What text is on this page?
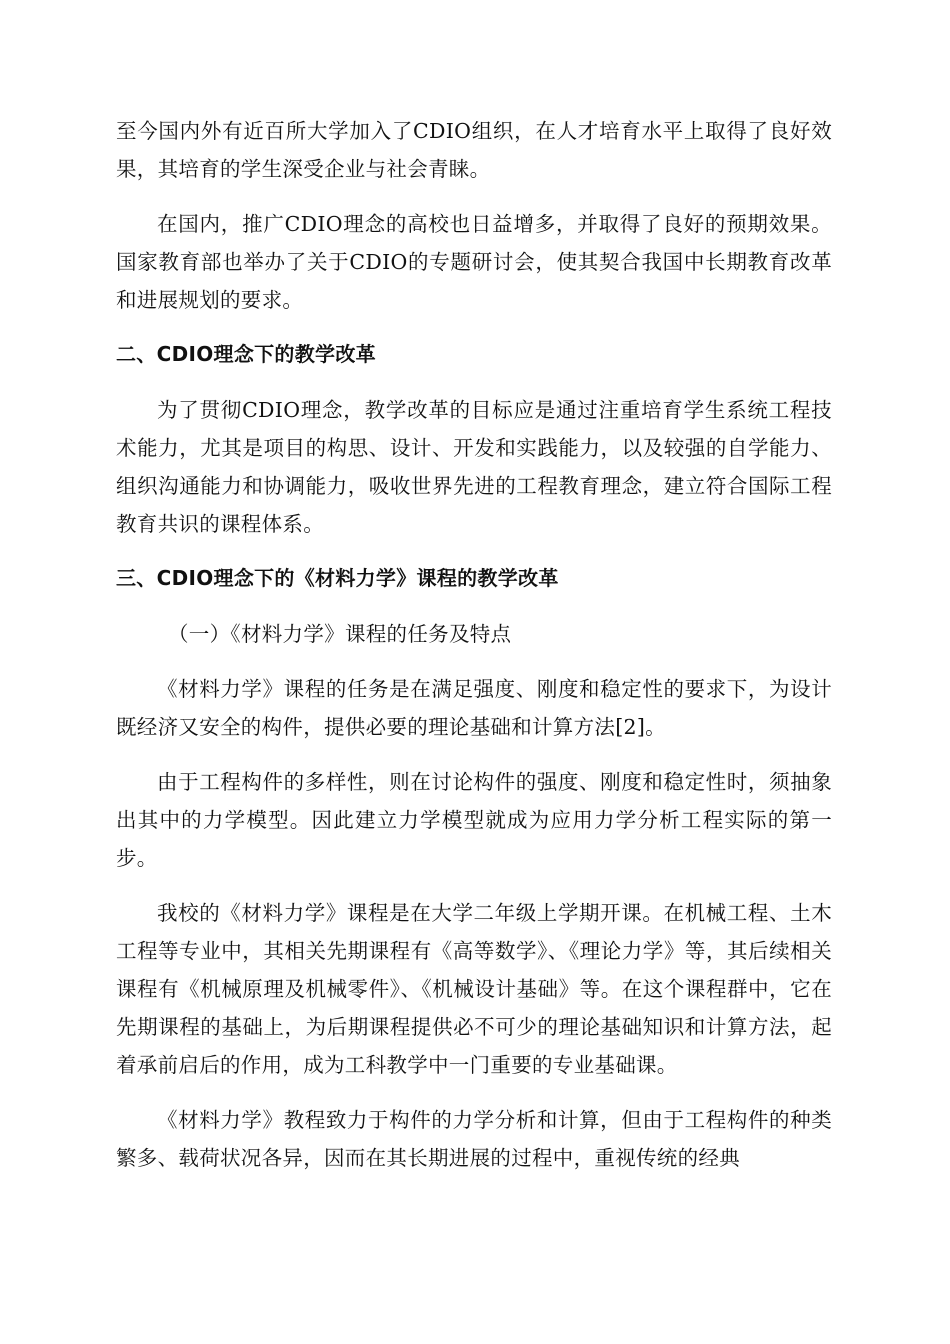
至今国内外有近百所大学加入了CDIO组织，在人才培育水平上取得了良好效果，其培育的学生深受企业与社会青睐。

在国内，推广CDIO理念的高校也日益增多，并取得了良好的预期效果。国家教育部也举办了关于CDIO的专题研讨会，使其契合我国中长期教育改革和进展规划的要求。

二、CDIO理念下的教学改革

为了贯彻CDIO理念，教学改革的目标应是通过注重培育学生系统工程技术能力，尤其是项目的构思、设计、开发和实践能力，以及较强的自学能力、组织沟通能力和协调能力，吸收世界先进的工程教育理念，建立符合国际工程教育共识的课程体系。

三、CDIO理念下的《材料力学》课程的教学改革

（一）《材料力学》课程的任务及特点

《材料力学》课程的任务是在满足强度、刚度和稳定性的要求下，为设计既经济又安全的构件，提供必要的理论基础和计算方法[2]。

由于工程构件的多样性，则在讨论构件的强度、刚度和稳定性时，须抽象出其中的力学模型。因此建立力学模型就成为应用力学分析工程实际的第一步。

我校的《材料力学》课程是在大学二年级上学期开课。在机械工程、土木工程等专业中，其相关先期课程有《高等数学》、《理论力学》等，其后续相关课程有《机械原理及机械零件》、《机械设计基础》等。在这个课程群中，它在先期课程的基础上，为后期课程提供必不可少的理论基础知识和计算方法，起着承前启后的作用，成为工科教学中一门重要的专业基础课。

《材料力学》教程致力于构件的力学分析和计算，但由于工程构件的种类繁多、载荷状况各异，因而在其长期进展的过程中，重视传统的经典
